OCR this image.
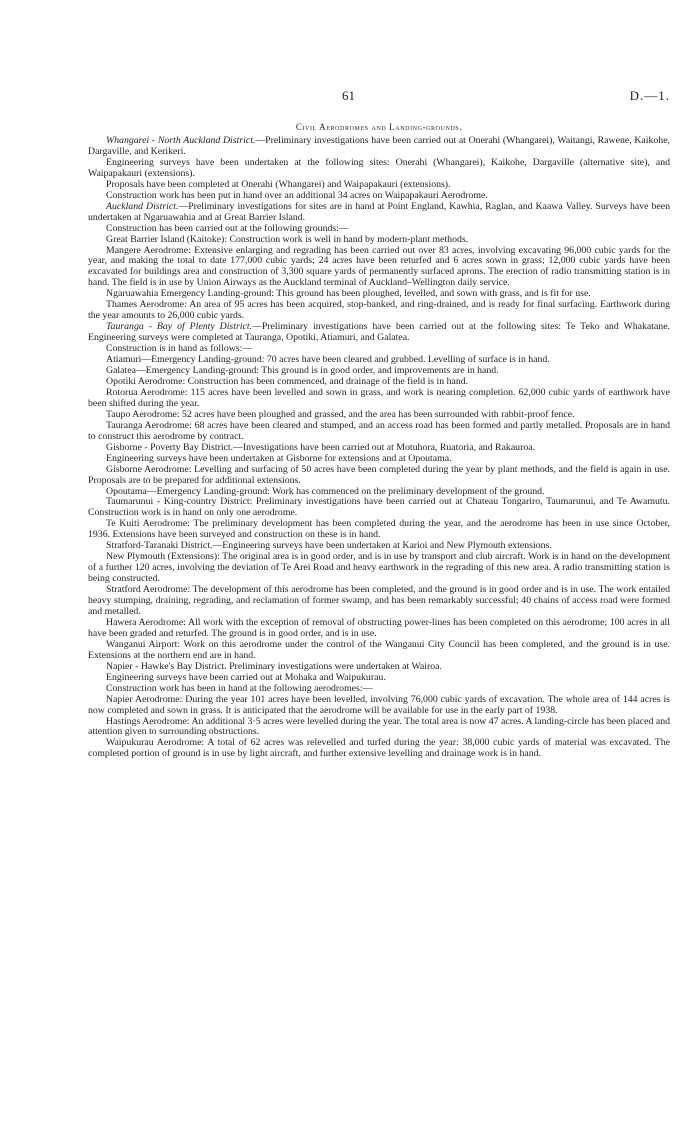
61	D.—1.
Civil Aerodromes and Landing-grounds.

Whangarei - North Auckland District.—Preliminary investigations have been carried out at Onerahi (Whangarei), Waitangi, Rawene, Kaikohe, Dargaville, and Kerikeri.

Engineering surveys have been undertaken at the following sites: Onerahi (Whangarei), Kaikohe, Dargaville (alternative site), and Waipapakauri (extensions).

Proposals have been completed at Onerahi (Whangarei) and Waipapakauri (extensions).

Construction work has been put in hand over an additional 34 acres on Waipapakauri Aerodrome.

Auckland District.—Preliminary investigations for sites are in hand at Point England, Kawhia, Raglan, and Kaawa Valley. Surveys have been undertaken at Ngaruawahia and at Great Barrier Island.

Construction has been carried out at the following grounds:—

Great Barrier Island (Kaitoke): Construction work is well in hand by modern-plant methods.

Mangere Aerodrome: Extensive enlarging and regrading has been carried out over 83 acres, involving excavating 96,000 cubic yards for the year, and making the total to date 177,000 cubic yards; 24 acres have been returfed and 6 acres sown in grass; 12,000 cubic yards have been excavated for buildings area and construction of 3,300 square yards of permanently surfaced aprons. The erection of radio transmitting station is in hand. The field is in use by Union Airways as the Auckland terminal of Auckland–Wellington daily service.

Ngaruawahia Emergency Landing-ground: This ground has been ploughed, levelled, and sown with grass, and is fit for use.

Thames Aerodrome: An area of 95 acres has been acquired, stop-banked, and ring-drained, and is ready for final surfacing. Earthwork during the year amounts to 26,000 cubic yards.

Tauranga - Bay of Plenty District.—Preliminary investigations have been carried out at the following sites: Te Teko and Whakatane. Engineering surveys were completed at Tauranga, Opotiki, Atiamuri, and Galatea.

Construction is in hand as follows:—

Atiamuri—Emergency Landing-ground: 70 acres have been cleared and grubbed. Levelling of surface is in hand.

Galatea—Emergency Landing-ground: This ground is in good order, and improvements are in hand.

Opotiki Aerodrome: Construction has been commenced, and drainage of the field is in hand.

Rotorua Aerodrome: 115 acres have been levelled and sown in grass, and work is nearing completion. 62,000 cubic yards of earthwork have been shifted during the year.

Taupo Aerodrome: 52 acres have been ploughed and grassed, and the area has been surrounded with rabbit-proof fence.

Tauranga Aerodrome: 68 acres have been cleared and stumped, and an access road has been formed and partly metalled. Proposals are in hand to construct this aerodrome by contract.

Gisborne - Poverty Bay District.—Investigations have been carried out at Motuhora, Ruatoria, and Rakauroa.

Engineering surveys have been undertaken at Gisborne for extensions and at Opoutama.

Gisborne Aerodrome: Levelling and surfacing of 50 acres have been completed during the year by plant methods, and the field is again in use. Proposals are to be prepared for additional extensions.

Opoutama—Emergency Landing-ground: Work has commenced on the preliminary development of the ground.

Taumarunui - King-country District: Preliminary investigations have been carried out at Chateau Tongariro, Taumarunui, and Te Awamutu. Construction work is in hand on only one aerodrome.

Te Kuiti Aerodrome: The preliminary development has been completed during the year, and the aerodrome has been in use since October, 1936. Extensions have been surveyed and construction on these is in hand.

Stratford-Taranaki District.—Engineering surveys have been undertaken at Karioi and New Plymouth extensions.

New Plymouth (Extensions): The original area is in good order, and is in use by transport and club aircraft. Work is in hand on the development of a further 120 acres, involving the deviation of Te Arei Road and heavy earthwork in the regrading of this new area. A radio transmitting station is being constructed.

Stratford Aerodrome: The development of this aerodrome has been completed, and the ground is in good order and is in use. The work entailed heavy stumping, draining, regrading, and reclamation of former swamp, and has been remarkably successful; 40 chains of access road were formed and metalled.

Hawera Aerodrome: All work with the exception of removal of obstructing power-lines has been completed on this aerodrome; 100 acres in all have been graded and returfed. The ground is in good order, and is in use.

Wanganui Airport: Work on this aerodrome under the control of the Wanganui City Council has been completed, and the ground is in use. Extensions at the northern end are in hand.

Napier - Hawke's Bay District. Preliminary investigations were undertaken at Wairoa.

Engineering surveys have been carried out at Mohaka and Waipukurau.

Construction work has been in hand at the following aerodromes:—

Napier Aerodrome: During the year 101 acres have been levelled, involving 76,000 cubic yards of excavation. The whole area of 144 acres is now completed and sown in grass. It is anticipated that the aerodrome will be available for use in the early part of 1938.

Hastings Aerodrome: An additional 3·5 acres were levelled during the year. The total area is now 47 acres. A landing-circle has been placed and attention given to surrounding obstructions.

Waipukurau Aerodrome: A total of 62 acres was relevelled and turfed during the year: 38,000 cubic yards of material was excavated. The completed portion of ground is in use by light aircraft, and further extensive levelling and drainage work is in hand.
